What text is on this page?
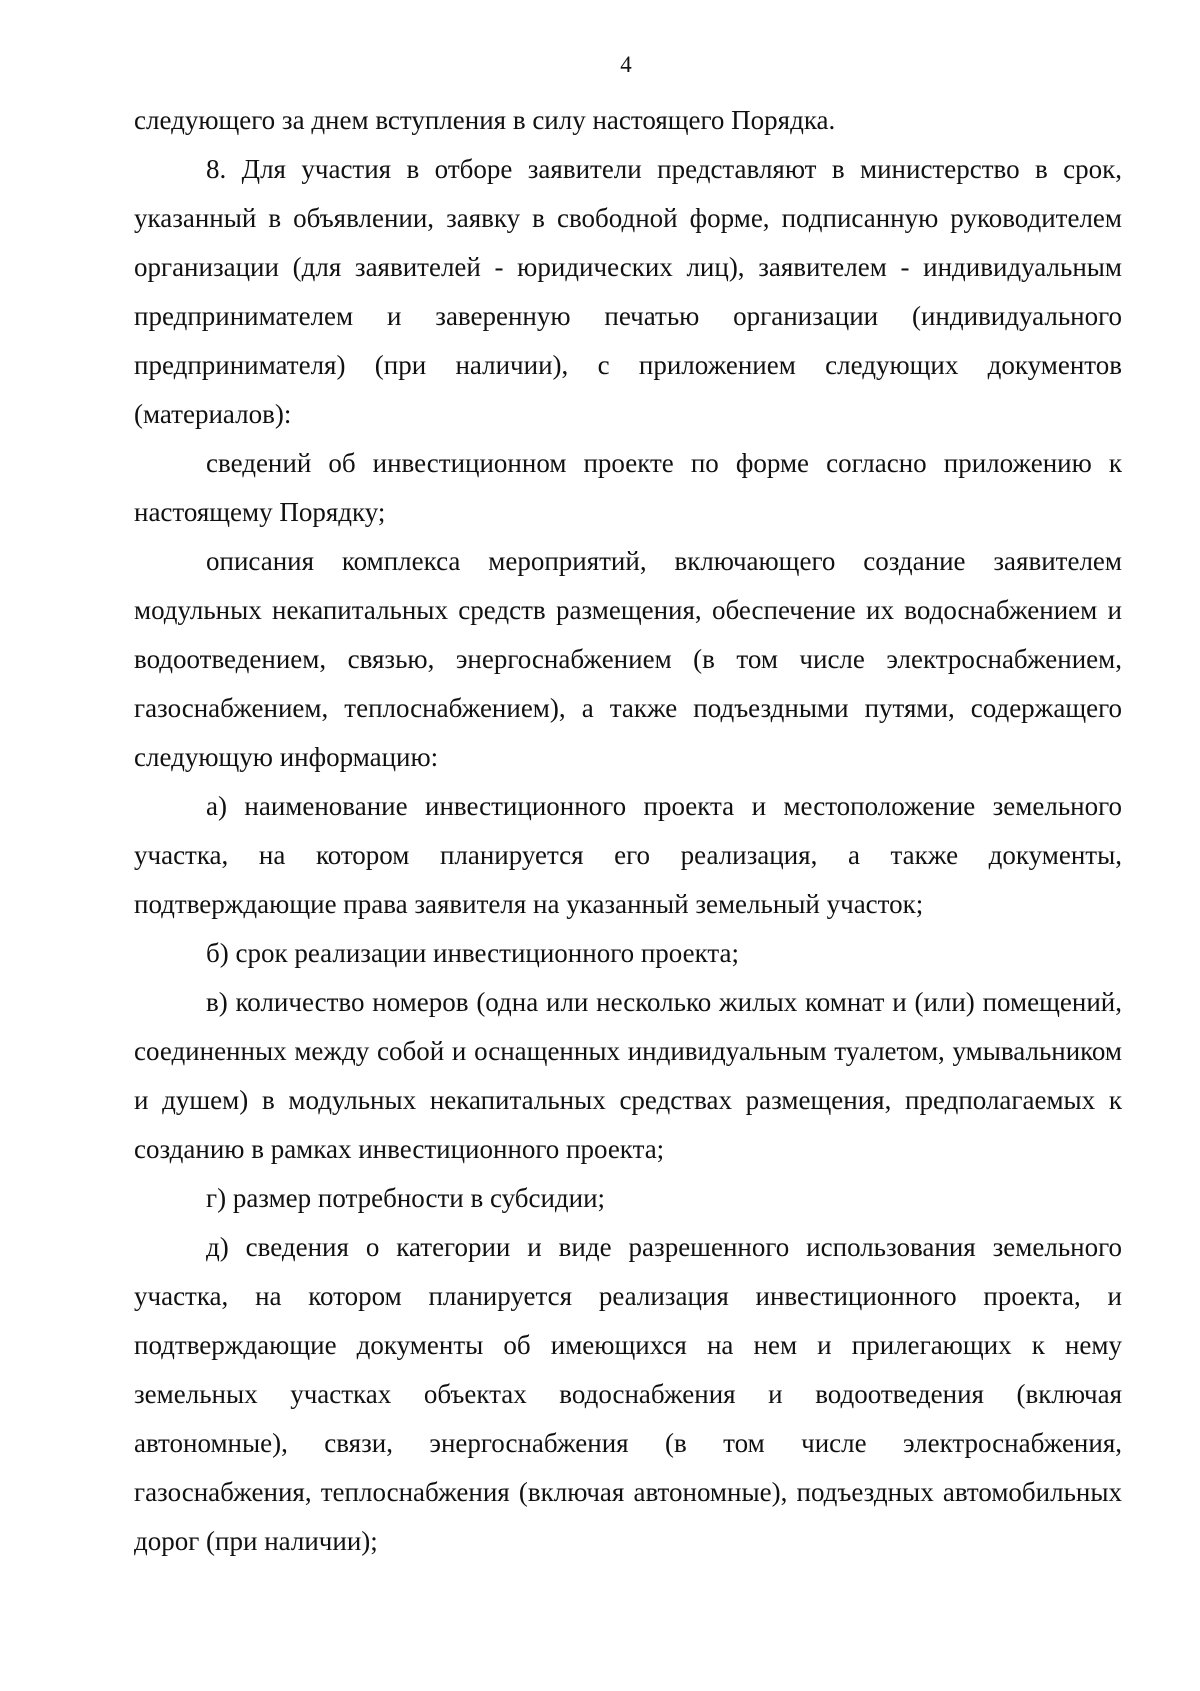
4

следующего за днем вступления в силу настоящего Порядка.

8. Для участия в отборе заявители представляют в министерство в срок, указанный в объявлении, заявку в свободной форме, подписанную руководителем организации (для заявителей - юридических лиц), заявителем - индивидуальным предпринимателем и заверенную печатью организации (индивидуального предпринимателя) (при наличии), с приложением следующих документов (материалов):

сведений об инвестиционном проекте по форме согласно приложению к настоящему Порядку;

описания комплекса мероприятий, включающего создание заявителем модульных некапитальных средств размещения, обеспечение их водоснабжением и водоотведением, связью, энергоснабжением (в том числе электроснабжением, газоснабжением, теплоснабжением), а также подъездными путями, содержащего следующую информацию:

а) наименование инвестиционного проекта и местоположение земельного участка, на котором планируется его реализация, а также документы, подтверждающие права заявителя на указанный земельный участок;

б) срок реализации инвестиционного проекта;

в) количество номеров (одна или несколько жилых комнат и (или) помещений, соединенных между собой и оснащенных индивидуальным туалетом, умывальником и душем) в модульных некапитальных средствах размещения, предполагаемых к созданию в рамках инвестиционного проекта;

г) размер потребности в субсидии;

д) сведения о категории и виде разрешенного использования земельного участка, на котором планируется реализация инвестиционного проекта, и подтверждающие документы об имеющихся на нем и прилегающих к нему земельных участках объектах водоснабжения и водоотведения (включая автономные), связи, энергоснабжения (в том числе электроснабжения, газоснабжения, теплоснабжения (включая автономные), подъездных автомобильных дорог (при наличии);
